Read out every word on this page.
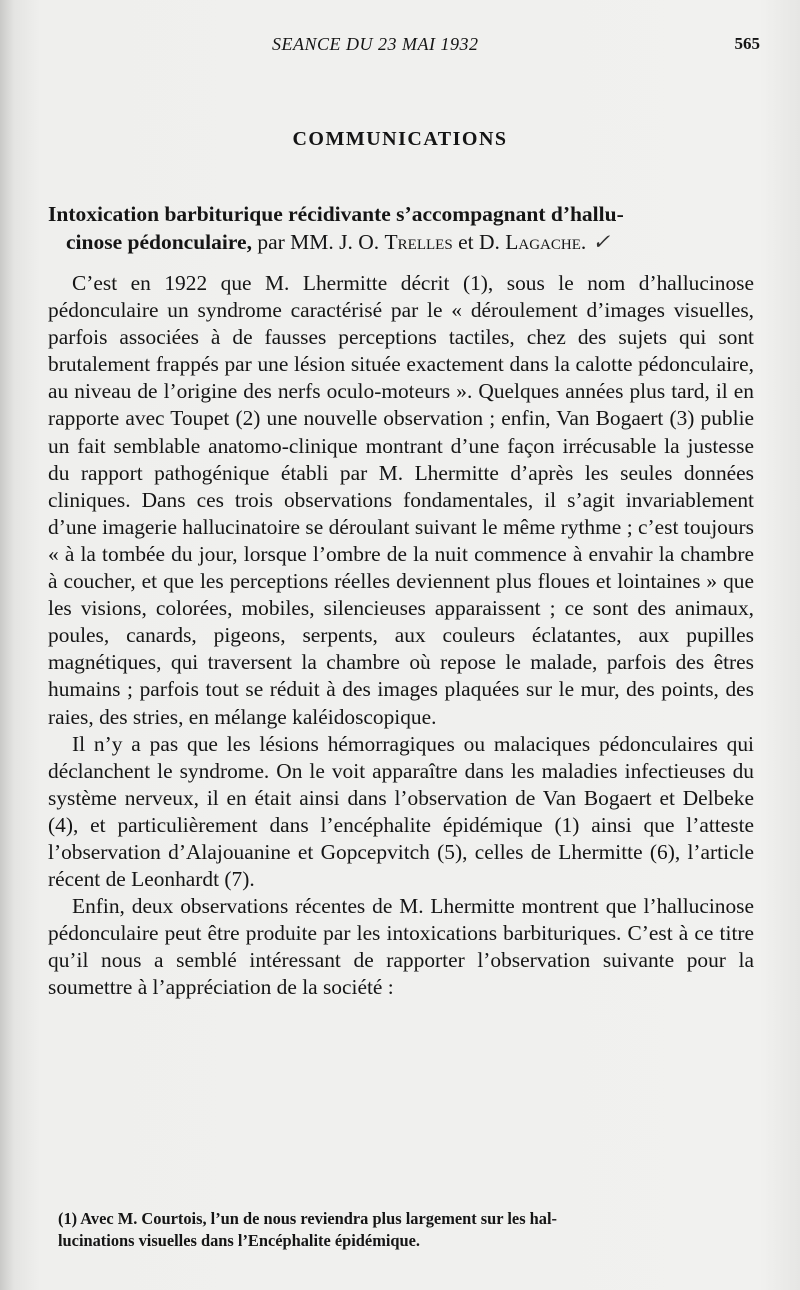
SEANCE DU 23 MAI 1932	565
COMMUNICATIONS
Intoxication barbiturique récidivante s’accompagnant d’hallu-
cinose pédonculaire, par MM. J. O. Trelles et D. Lagache. ✓

C’est en 1922 que M. Lhermitte décrit (1), sous le nom d’hallucinose pédonculaire un syndrome caractérisé par le « déroulement d’images visuelles, parfois associées à de fausses perceptions tactiles, chez des sujets qui sont brutalement frappés par une lésion située exactement dans la calotte pédonculaire, au niveau de l’origine des nerfs oculo-moteurs ». Quelques années plus tard, il en rapporte avec Toupet (2) une nouvelle observation ; enfin, Van Bogaert (3) publie un fait semblable anatomo-clinique montrant d’une façon irrécusable la justesse du rapport pathogénique établi par M. Lhermitte d’après les seules données cliniques. Dans ces trois observations fondamentales, il s’agit invariablement d’une imagerie hallucinatoire se déroulant suivant le même rythme ; c’est toujours « à la tombée du jour, lorsque l’ombre de la nuit commence à envahir la chambre à coucher, et que les perceptions réelles deviennent plus floues et lointaines » que les visions, colorées, mobiles, silencieuses apparaissent ; ce sont des animaux, poules, canards, pigeons, serpents, aux couleurs éclatantes, aux pupilles magnétiques, qui traversent la chambre où repose le malade, parfois des êtres humains ; parfois tout se réduit à des images plaquées sur le mur, des points, des raies, des stries, en mélange kaléidoscopique.

Il n’y a pas que les lésions hémorragiques ou malaciques pédonculaires qui déclanchent le syndrome. On le voit apparaître dans les maladies infectieuses du système nerveux, il en était ainsi dans l’observation de Van Bogaert et Delbeke (4), et particulièrement dans l’encéphalite épidémique (1) ainsi que l’atteste l’observation d’Alajouanine et Gopcepvitch (5), celles de Lhermitte (6), l’article récent de Leonhardt (7).

Enfin, deux observations récentes de M. Lhermitte montrent que l’hallucinose pédonculaire peut être produite par les intoxications barbituriques. C’est à ce titre qu’il nous a semblé intéressant de rapporter l’observation suivante pour la soumettre à l’appréciation de la société :

(1) Avec M. Courtois, l’un de nous reviendra plus largement sur les hal-
lucinations visuelles dans l’Encéphalite épidémique.
